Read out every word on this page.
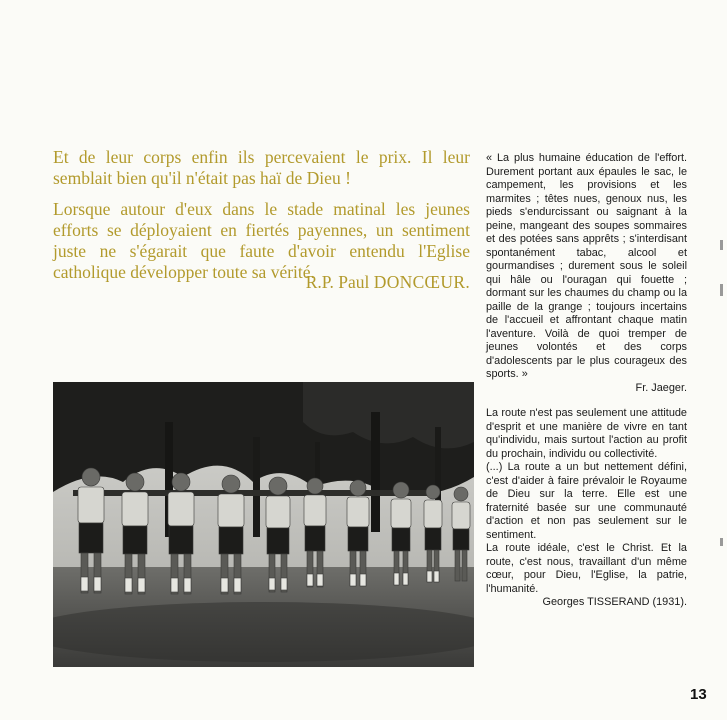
Et de leur corps enfin ils percevaient le prix. Il leur semblait bien qu'il n'était pas haï de Dieu !

Lorsque autour d'eux dans le stade matinal les jeunes efforts se déployaient en fiertés payennes, un sentiment juste ne s'égarait que faute d'avoir entendu l'Eglise catholique développer toute sa vérité.

R.P. Paul DONCŒUR.
« La plus humaine éducation de l'effort. Durement portant aux épaules le sac, le campement, les provisions et les marmites ; têtes nues, genoux nus, les pieds s'endurcissant ou saignant à la peine, mangeant des soupes sommaires et des potées sans apprêts ; s'interdisant spontanément tabac, alcool et gourmandises ; durement sous le soleil qui hâle ou l'ouragan qui fouette ; dormant sur les chaumes du champ ou la paille de la grange ; toujours incertains de l'accueil et affrontant chaque matin l'aventure. Voilà de quoi tremper de jeunes volontés et des corps d'adolescents par le plus courageux des sports. »
Fr. Jaeger.
La route n'est pas seulement une attitude d'esprit et une manière de vivre en tant qu'individu, mais surtout l'action au profit du prochain, individu ou collectivité.
(...) La route a un but nettement défini, c'est d'aider à faire prévaloir le Royaume de Dieu sur la terre. Elle est une fraternité basée sur une communauté d'action et non pas seulement sur le sentiment.
La route idéale, c'est le Christ. Et la route, c'est nous, travaillant d'un même cœur, pour Dieu, l'Eglise, la patrie, l'humanité.
Georges TISSERAND (1931).
13
